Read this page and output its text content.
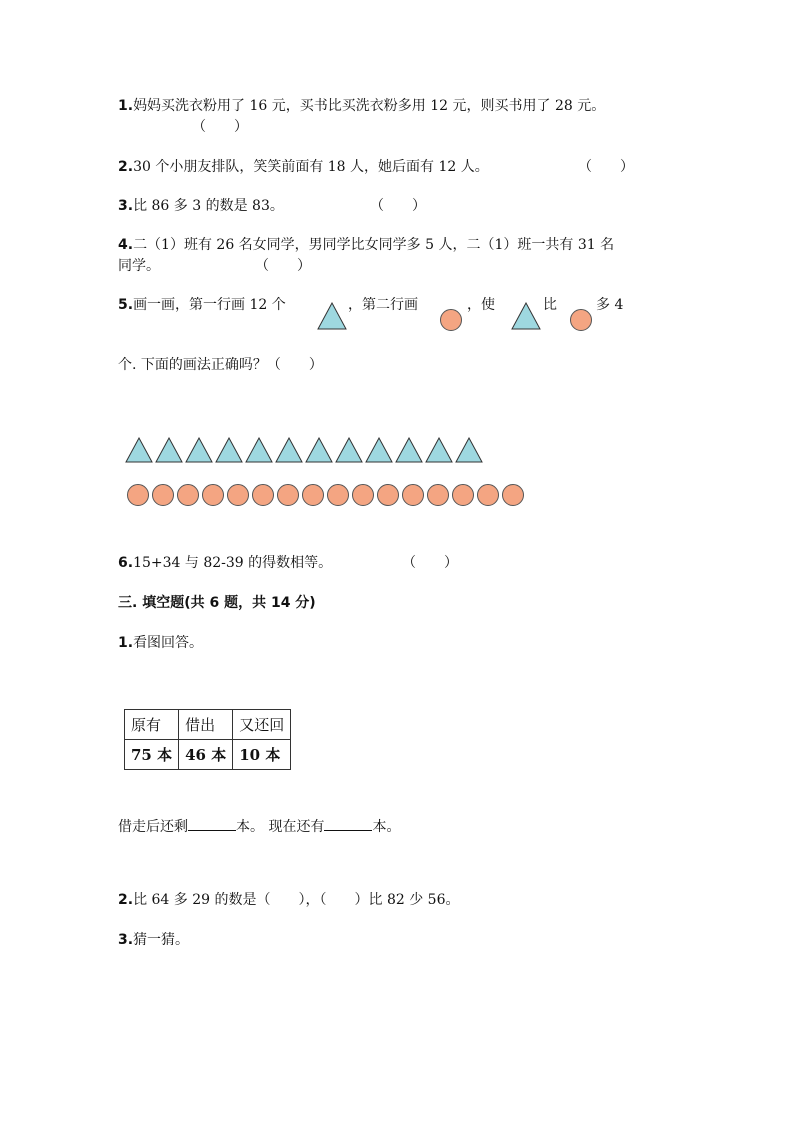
1.妈妈买洗衣粉用了 16 元，买书比买洗衣粉多用 12 元，则买书用了 28 元。
（　　）
2.30 个小朋友排队，笑笑前面有 18 人，她后面有 12 人。	（　　）
3.比 86 多 3 的数是 83。	（　　）
4.二（1）班有 26 名女同学，男同学比女同学多 5 人，二（1）班一共有 31 名
同学。	（　　）
5.画一画，第一行画 12 个	，第二行画	，使	比	多 4
个. 下面的画法正确吗？（　　）
6.15+34 与 82-39 的得数相等。	（　　）
三. 填空题(共 6 题，共 14 分)
1.看图回答。
原有	借出	又还回
75 本	46 本	10 本
借走后还剩	本。 现在还有	本。
2.比 64 多 29 的数是（　　），（　　）比 82 少 56。
3.猜一猜。
